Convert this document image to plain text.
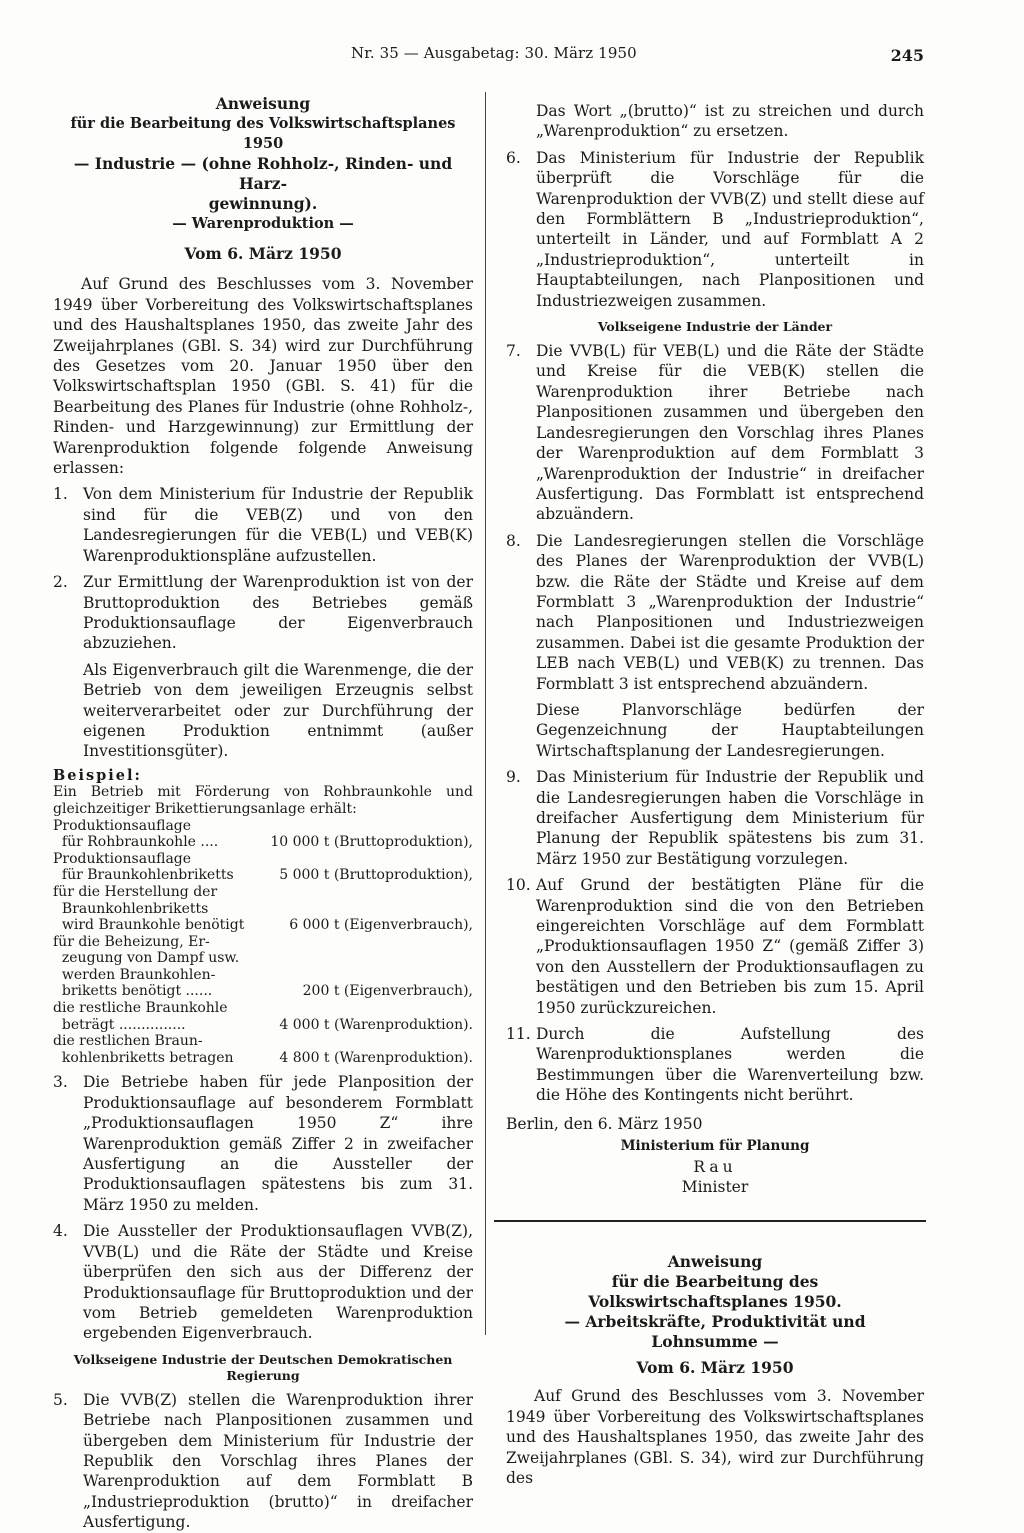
Nr. 35 — Ausgabetag: 30. März 1950	245
Anweisung
für die Bearbeitung des Volkswirtschaftsplanes 1950
— Industrie — (ohne Rohholz-, Rinden- und Harz-
gewinnung).
— Warenproduktion —
Vom 6. März 1950

Auf Grund des Beschlusses vom 3. November 1949 über Vorbereitung des Volkswirtschaftsplanes und des Haushaltsplanes 1950, das zweite Jahr des Zweijahrplanes (GBl. S. 34) wird zur Durchführung des Gesetzes vom 20. Januar 1950 über den Volkswirtschaftsplan 1950 (GBl. S. 41) für die Bearbeitung des Planes für Industrie (ohne Rohholz-, Rinden- und Harzgewinnung) zur Ermittlung der Warenproduktion folgende folgende Anweisung erlassen:

1. Von dem Ministerium für Industrie der Republik sind für die VEB(Z) und von den Landesregierungen für die VEB(L) und VEB(K) Warenproduktionspläne aufzustellen.
2. Zur Ermittlung der Warenproduktion ist von der Bruttoproduktion des Betriebes gemäß Produktionsauflage der Eigenverbrauch abzuziehen.

Als Eigenverbrauch gilt die Warenmenge, die der Betrieb von dem jeweiligen Erzeugnis selbst weiterverarbeitet oder zur Durchführung der eigenen Produktion entnimmt (außer Investitionsgüter).

Beispiel:

Ein Betrieb mit Förderung von Rohbraunkohle und gleichzeitiger Brikettierungsanlage erhält:

Produktionsauflage
für Rohbraunkohle ....	10 000 t (Bruttoproduktion),
Produktionsauflage
für Braunkohlenbriketts	5 000 t (Bruttoproduktion),
für die Herstellung der
Braunkohlenbriketts
wird Braunkohle benötigt	6 000 t (Eigenverbrauch),
für die Beheizung, Er-
zeugung von Dampf usw.
werden Braunkohlen-
briketts benötigt ......	200 t (Eigenverbrauch),
die restliche Braunkohle
beträgt ...............	4 000 t (Warenproduktion).
die restlichen Braun-
kohlenbriketts betragen	4 800 t (Warenproduktion).
3. Die Betriebe haben für jede Planposition der Produktionsauflage auf besonderem Formblatt „Produktionsauflagen 1950 Z“ ihre Warenproduktion gemäß Ziffer 2 in zweifacher Ausfertigung an die Aussteller der Produktionsauflagen spätestens bis zum 31. März 1950 zu melden.
4. Die Aussteller der Produktionsauflagen VVB(Z), VVB(L) und die Räte der Städte und Kreise überprüfen den sich aus der Differenz der Produktionsauflage für Bruttoproduktion und der vom Betrieb gemeldeten Warenproduktion ergebenden Eigenverbrauch.
Volkseigene Industrie der Deutschen Demokratischen
Regierung
5. Die VVB(Z) stellen die Warenproduktion ihrer Betriebe nach Planpositionen zusammen und übergeben dem Ministerium für Industrie der Republik den Vorschlag ihres Planes der Warenproduktion auf dem Formblatt B „Industrieproduktion (brutto)“ in dreifacher Ausfertigung.

Das Wort „(brutto)“ ist zu streichen und durch „Warenproduktion“ zu ersetzen.

6. Das Ministerium für Industrie der Republik überprüft die Vorschläge für die Warenproduktion der VVB(Z) und stellt diese auf den Formblättern B „Industrieproduktion“, unterteilt in Länder, und auf Formblatt A 2 „Industrieproduktion“, unterteilt in Hauptabteilungen, nach Planpositionen und Industriezweigen zusammen.
Volkseigene Industrie der Länder
7. Die VVB(L) für VEB(L) und die Räte der Städte und Kreise für die VEB(K) stellen die Warenproduktion ihrer Betriebe nach Planpositionen zusammen und übergeben den Landesregierungen den Vorschlag ihres Planes der Warenproduktion auf dem Formblatt 3 „Warenproduktion der Industrie“ in dreifacher Ausfertigung. Das Formblatt ist entsprechend abzuändern.
8. Die Landesregierungen stellen die Vorschläge des Planes der Warenproduktion der VVB(L) bzw. die Räte der Städte und Kreise auf dem Formblatt 3 „Warenproduktion der Industrie“ nach Planpositionen und Industriezweigen zusammen. Dabei ist die gesamte Produktion der LEB nach VEB(L) und VEB(K) zu trennen. Das Formblatt 3 ist entsprechend abzuändern.

Diese Planvorschläge bedürfen der Gegenzeichnung der Hauptabteilungen Wirtschaftsplanung der Landesregierungen.

9. Das Ministerium für Industrie der Republik und die Landesregierungen haben die Vorschläge in dreifacher Ausfertigung dem Ministerium für Planung der Republik spätestens bis zum 31. März 1950 zur Bestätigung vorzulegen.
10. Auf Grund der bestätigten Pläne für die Warenproduktion sind die von den Betrieben eingereichten Vorschläge auf dem Formblatt „Produktionsauflagen 1950 Z“ (gemäß Ziffer 3) von den Ausstellern der Produktionsauflagen zu bestätigen und den Betrieben bis zum 15. April 1950 zurückzureichen.
11. Durch die Aufstellung des Warenproduktionsplanes werden die Bestimmungen über die Warenverteilung bzw. die Höhe des Kontingents nicht berührt.

Berlin, den 6. März 1950

Ministerium für Planung
Rau
Minister
Anweisung
für die Bearbeitung des Volkswirtschaftsplanes 1950.
— Arbeitskräfte, Produktivität und Lohnsumme —
Vom 6. März 1950

Auf Grund des Beschlusses vom 3. November 1949 über Vorbereitung des Volkswirtschaftsplanes und des Haushaltsplanes 1950, das zweite Jahr des Zweijahrplanes (GBl. S. 34), wird zur Durchführung des
